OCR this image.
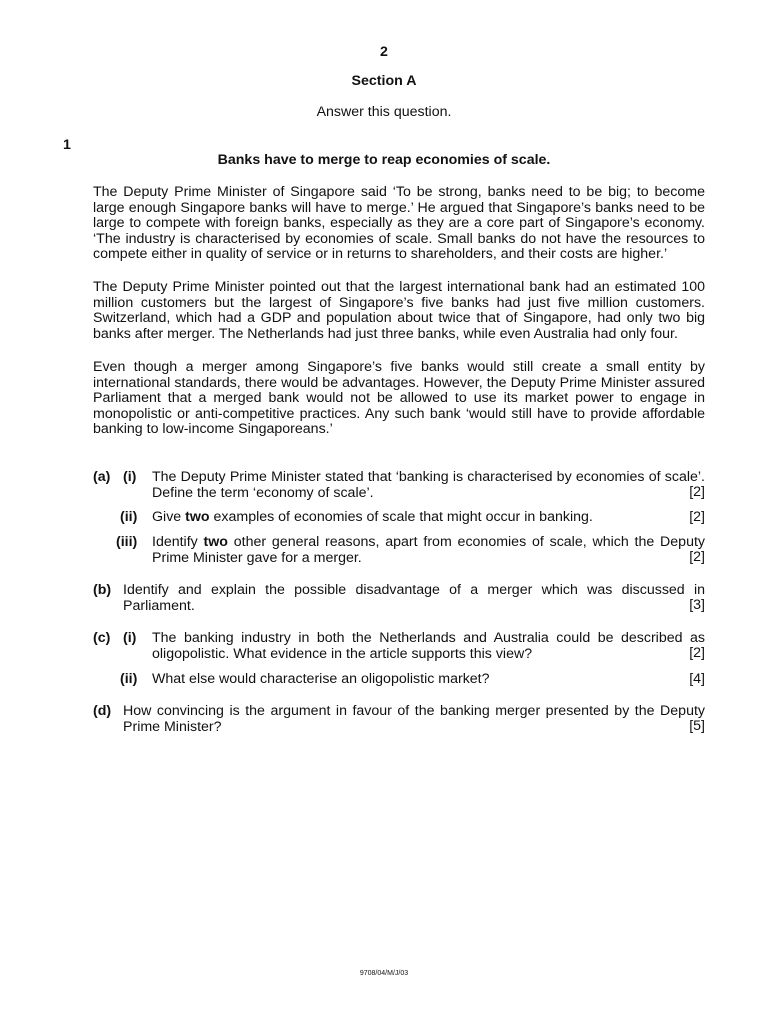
2
Section A
Answer this question.
1
Banks have to merge to reap economies of scale.
The Deputy Prime Minister of Singapore said ‘To be strong, banks need to be big; to become large enough Singapore banks will have to merge.’ He argued that Singapore’s banks need to be large to compete with foreign banks, especially as they are a core part of Singapore’s economy. ‘The industry is characterised by economies of scale. Small banks do not have the resources to compete either in quality of service or in returns to shareholders, and their costs are higher.’
The Deputy Prime Minister pointed out that the largest international bank had an estimated 100 million customers but the largest of Singapore’s five banks had just five million customers. Switzerland, which had a GDP and population about twice that of Singapore, had only two big banks after merger. The Netherlands had just three banks, while even Australia had only four.
Even though a merger among Singapore’s five banks would still create a small entity by international standards, there would be advantages. However, the Deputy Prime Minister assured Parliament that a merged bank would not be allowed to use its market power to engage in monopolistic or anti-competitive practices. Any such bank ‘would still have to provide affordable banking to low-income Singaporeans.’
(a) (i) The Deputy Prime Minister stated that ‘banking is characterised by economies of scale’. Define the term ‘economy of scale’.	[2]
(ii) Give two examples of economies of scale that might occur in banking.	[2]
(iii) Identify two other general reasons, apart from economies of scale, which the Deputy Prime Minister gave for a merger.	[2]
(b) Identify and explain the possible disadvantage of a merger which was discussed in Parliament.	[3]
(c) (i) The banking industry in both the Netherlands and Australia could be described as oligopolistic. What evidence in the article supports this view?	[2]
(ii) What else would characterise an oligopolistic market?	[4]
(d) How convincing is the argument in favour of the banking merger presented by the Deputy Prime Minister?	[5]
9708/04/M/J/03
